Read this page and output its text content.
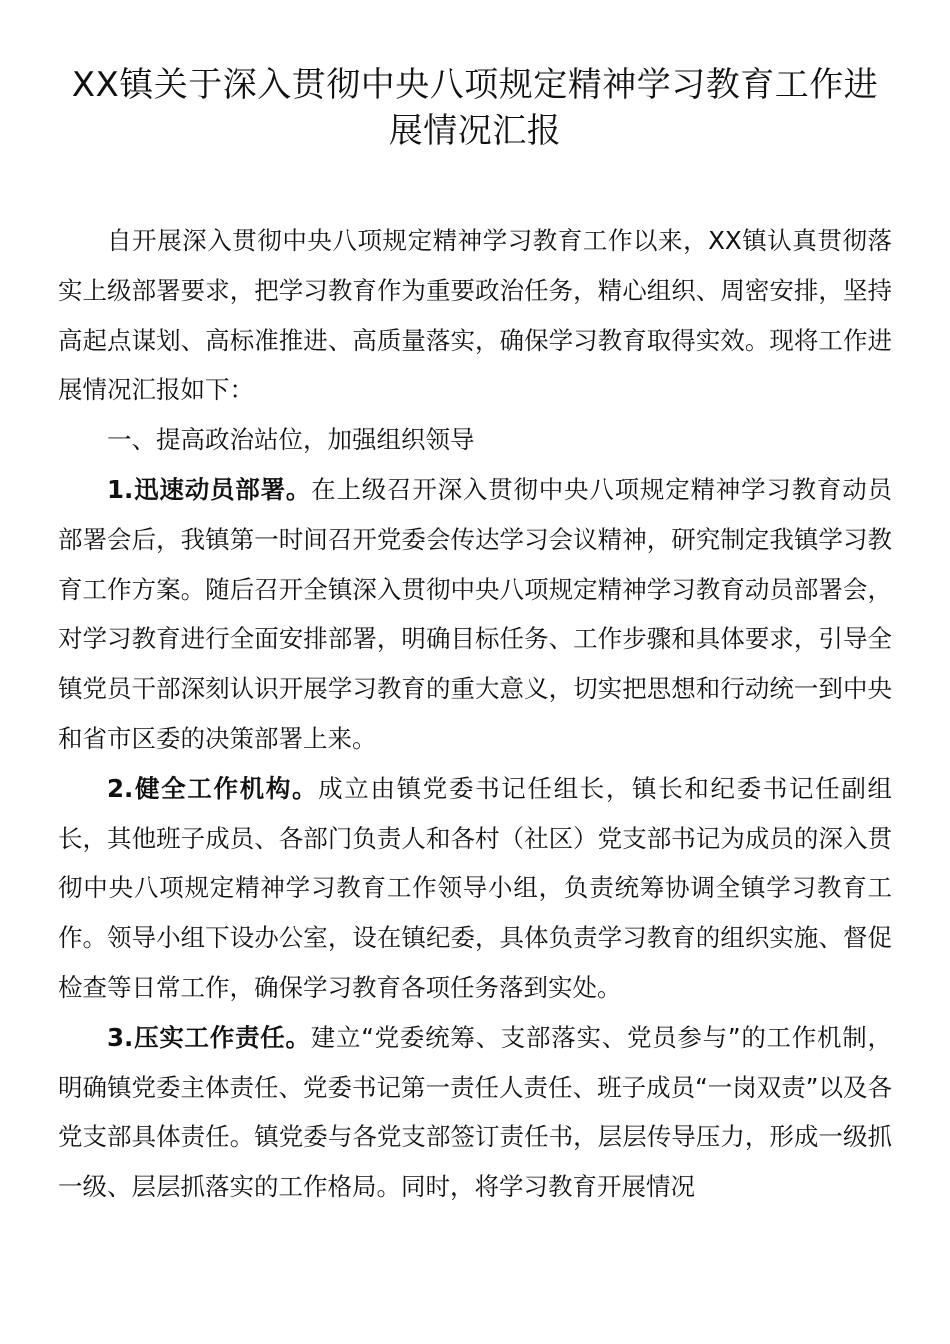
XX镇关于深入贯彻中央八项规定精神学习教育工作进
展情况汇报

自开展深入贯彻中央八项规定精神学习教育工作以来，XX镇认真贯彻落实上级部署要求，把学习教育作为重要政治任务，精心组织、周密安排，坚持高起点谋划、高标准推进、高质量落实，确保学习教育取得实效。现将工作进展情况汇报如下：

一、提高政治站位，加强组织领导

1.迅速动员部署。在上级召开深入贯彻中央八项规定精神学习教育动员部署会后，我镇第一时间召开党委会传达学习会议精神，研究制定我镇学习教育工作方案。随后召开全镇深入贯彻中央八项规定精神学习教育动员部署会，对学习教育进行全面安排部署，明确目标任务、工作步骤和具体要求，引导全镇党员干部深刻认识开展学习教育的重大意义，切实把思想和行动统一到中央和省市区委的决策部署上来。

2.健全工作机构。成立由镇党委书记任组长，镇长和纪委书记任副组长，其他班子成员、各部门负责人和各村（社区）党支部书记为成员的深入贯彻中央八项规定精神学习教育工作领导小组，负责统筹协调全镇学习教育工作。领导小组下设办公室，设在镇纪委，具体负责学习教育的组织实施、督促检查等日常工作，确保学习教育各项任务落到实处。

3.压实工作责任。建立“党委统筹、支部落实、党员参与”的工作机制，明确镇党委主体责任、党委书记第一责任人责任、班子成员“一岗双责”以及各党支部具体责任。镇党委与各党支部签订责任书，层层传导压力，形成一级抓一级、层层抓落实的工作格局。同时，将学习教育开展情况
